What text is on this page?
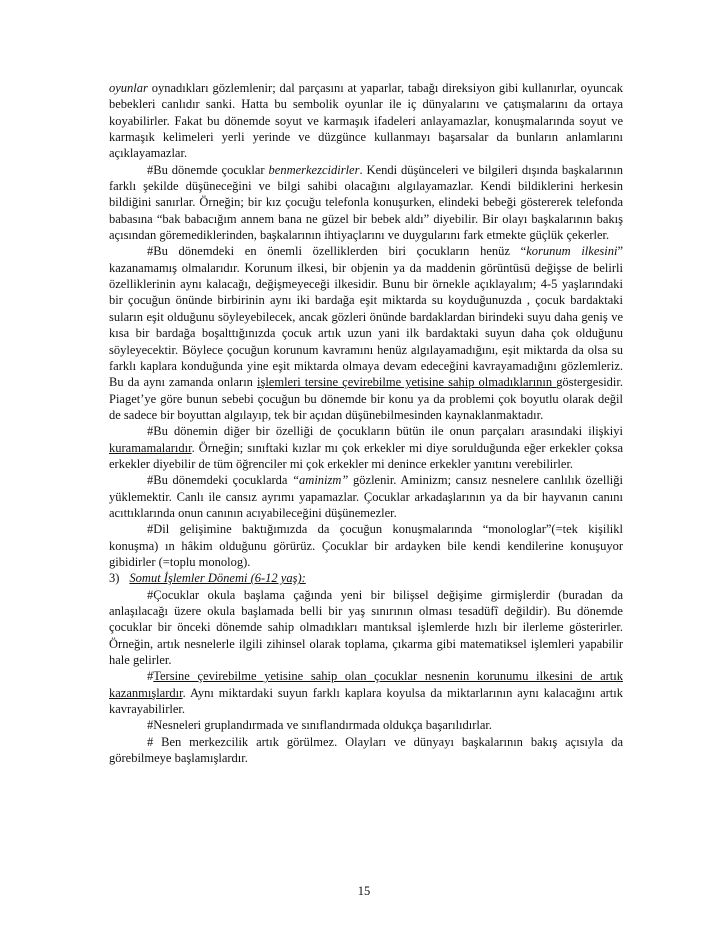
oyunlar oynadıkları gözlemlenir; dal parçasını at yaparlar, tabağı direksiyon gibi kullanırlar, oyuncak bebekleri canlıdır sanki. Hatta bu sembolik oyunlar ile iç dünyalarını ve çatışmalarını da ortaya koyabilirler. Fakat bu dönemde soyut ve karmaşık ifadeleri anlayamazlar, konuşmalarında soyut ve karmaşık kelimeleri yerli yerinde ve düzgünce kullanmayı başarsalar da bunların anlamlarını açıklayamazlar.

#Bu dönemde çocuklar benmerkezcidirler. Kendi düşünceleri ve bilgileri dışında başkalarının farklı şekilde düşüneceğini ve bilgi sahibi olacağını algılayamazlar. Kendi bildiklerini herkesin bildiğini sanırlar. Örneğin; bir kız çocuğu telefonla konuşurken, elindeki bebeği göstererek telefonda babasına “bak babacığım annem bana ne güzel bir bebek aldı” diyebilir. Bir olayı başkalarının bakış açısından göremediklerinden, başkalarının ihtiyaçlarını ve duygularını fark etmekte güçlük çekerler.

#Bu dönemdeki en önemli özelliklerden biri çocukların henüz “korunum ilkesini” kazanamamış olmalarıdır. Korunum ilkesi, bir objenin ya da maddenin görüntüsü değişse de belirli özelliklerinin aynı kalacağı, değişmeyeceği ilkesidir. Bunu bir örnekle açıklayalım; 4-5 yaşlarındaki bir çocuğun önünde birbirinin aynı iki bardağa eşit miktarda su koyduğunuzda , çocuk bardaktaki suların eşit olduğunu söyleyebilecek, ancak gözleri önünde bardaklardan birindeki suyu daha geniş ve kısa bir bardağa boşalttığınızda çocuk artık uzun yani ilk bardaktaki suyun daha çok olduğunu söyleyecektir. Böylece çocuğun korunum kavramını henüz algılayamadığını, eşit miktarda da olsa su farklı kaplara konduğunda yine eşit miktarda olmaya devam edeceğini kavrayamadığını gözlemleriz. Bu da aynı zamanda onların işlemleri tersine çevirebilme yetisine sahip olmadıklarının göstergesidir. Piaget’ye göre bunun sebebi çocuğun bu dönemde bir konu ya da problemi çok boyutlu olarak değil de sadece bir boyuttan algılayıp, tek bir açıdan düşünebilmesinden kaynaklanmaktadır.

#Bu dönemin diğer bir özelliği de çocukların bütün ile onun parçaları arasındaki ilişkiyi kuramamalarıdır. Örneğin; sınıftaki kızlar mı çok erkekler mi diye sorulduğunda eğer erkekler çoksa erkekler diyebilir de tüm öğrenciler mi çok erkekler mi denince erkekler yanıtını verebilirler.

#Bu dönemdeki çocuklarda “aminizm” gözlenir. Aminizm; cansız nesnelere canlılık özelliği yüklemektir. Canlı ile cansız ayrımı yapamazlar. Çocuklar arkadaşlarının ya da bir hayvanın canını acıttıklarında onun canının acıyabileceğini düşünemezler.

#Dil gelişimine baktığımızda da çocuğun konuşmalarında “monologlar”(=tek kişilikl konuşma) ın hâkim olduğunu görürüz. Çocuklar bir ardayken bile kendi kendilerine konuşuyor gibidirler (=toplu monolog).

3) Somut İşlemler Dönemi (6-12 yaş):

#Çocuklar okula başlama çağında yeni bir bilişsel değişime girmişlerdir (buradan da anlaşılacağı üzere okula başlamada belli bir yaş sınırının olması tesadüfî değildir). Bu dönemde çocuklar bir önceki dönemde sahip olmadıkları mantıksal işlemlerde hızlı bir ilerleme gösterirler. Örneğin, artık nesnelerle ilgili zihinsel olarak toplama, çıkarma gibi matematiksel işlemleri yapabilir hale gelirler.

#Tersine çevirebilme yetisine sahip olan çocuklar nesnenin korunumu ilkesini de artık kazanmışlardır. Aynı miktardaki suyun farklı kaplara koyulsa da miktarlarının aynı kalacağını artık kavrayabilirler.

#Nesneleri gruplandırmada ve sınıflandırmada oldukça başarılıdırlar.

# Ben merkezcilik artık görülmez. Olayları ve dünyayı başkalarının bakış açısıyla da görebilmeye başlamışlardır.

15
